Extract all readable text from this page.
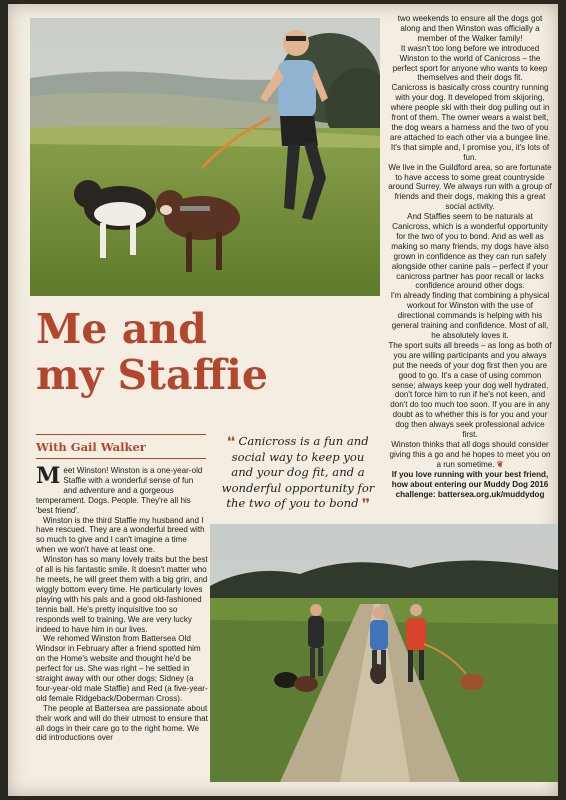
Me and
my Staffie
With Gail Walker	❛❛ Canicross is a fun and social way to keep you and your dog fit, and a wonderful opportunity for the two of you to bond ❜❜

Meet Winston! Winston is a one-year-old Staffie with a wonderful sense of fun and adventure and a gorgeous temperament. Dogs. People. They're all his 'best friend'.

Winston is the third Staffie my husband and I have rescued. They are a wonderful breed with so much to give and I can't imagine a time when we won't have at least one.

Winston has so many lovely traits but the best of all is his fantastic smile. It doesn't matter who he meets, he will greet them with a big grin, and wiggly bottom every time. He particularly loves playing with his pals and a good old-fashioned tennis ball. He's pretty inquisitive too so responds well to training. We are very lucky indeed to have him in our lives.

We rehomed Winston from Battersea Old Windsor in February after a friend spotted him on the Home's website and thought he'd be perfect for us. She was right – he settled in straight away with our other dogs; Sidney (a four-year-old male Staffie) and Red (a five-year-old female Ridgeback/Doberman Cross).

The people at Battersea are passionate about their work and will do their utmost to ensure that all dogs in their care go to the right home. We did introductions over

two weekends to ensure all the dogs got along and then Winston was officially a member of the Walker family!

It wasn't too long before we introduced Winston to the world of Canicross – the perfect sport for anyone who wants to keep themselves and their dogs fit.

Canicross is basically cross country running with your dog. It developed from skijoring, where people ski with their dog pulling out in front of them. The owner wears a waist belt, the dog wears a harness and the two of you are attached to each other via a bungee line. It's that simple and, I promise you, it's lots of fun.

We live in the Guildford area, so are fortunate to have access to some great countryside around Surrey. We always run with a group of friends and their dogs, making this a great social activity.

And Staffies seem to be naturals at Canicross, which is a wonderful opportunity for the two of you to bond. And as well as making so many friends, my dogs have also grown in confidence as they can run safely alongside other canine pals – perfect if your canicross partner has poor recall or lacks confidence around other dogs.

I'm already finding that combining a physical workout for Winston with the use of directional commands is helping with his general training and confidence. Most of all, he absolutely loves it.

The sport suits all breeds – as long as both of you are willing participants and you always put the needs of your dog first then you are good to go. It's a case of using common sense; always keep your dog well hydrated, don't force him to run if he's not keen, and don't do too much too soon. If you are in any doubt as to whether this is for you and your dog then always seek professional advice first.

Winston thinks that all dogs should consider giving this a go and he hopes to meet you on a run sometime. ❦

If you love running with your best friend, how about entering our Muddy Dog 2016 challenge: battersea.org.uk/muddydog
